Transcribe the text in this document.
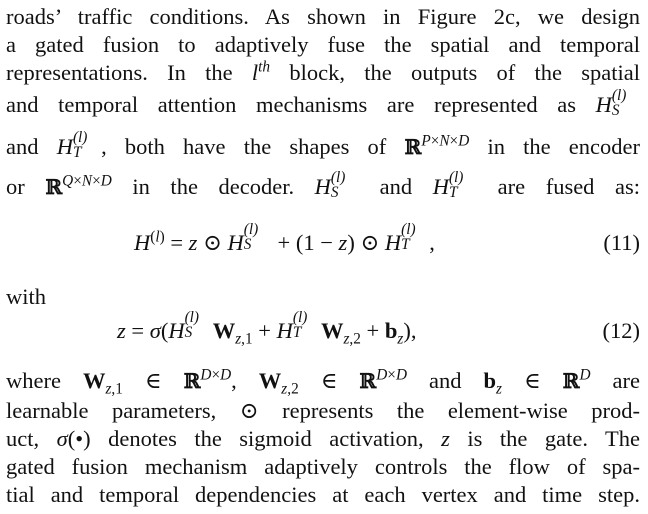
roads’ traffic conditions. As shown in Figure 2c, we design
a gated fusion to adaptively fuse the spatial and temporal
representations. In the $l^{th}$ block, the outputs of the spatial
and temporal attention mechanisms are represented as H (l)
S
and H (l)
T , both have the shapes of ℝ$^{P\times N\times D}$ in the encoder
or ℝ$^{Q\times N\times D}$ in the decoder. H (l)
S and H (l)
T are fused as:
$H^{(l)} = z$ ⊙ H
(l)
S + (1 − z) ⊙ H
(l)
T ,	(11)
with
z = σ(H
(l)
S $W_{z,1} + H$
(l)
T $W_{z,2} + b_z$),	(12)
where $W_{z,1}$ ∈ ℝ$^{D\times D}$, $W_{z,2}$ ∈ ℝ$^{D\times D}$ and $b_z$ ∈ ℝ$^D$ are
learnable parameters, ⊙ represents the element-wise prod-
uct, σ(•) denotes the sigmoid activation, z is the gate. The
gated fusion mechanism adaptively controls the flow of spa-
tial and temporal dependencies at each vertex and time step.
